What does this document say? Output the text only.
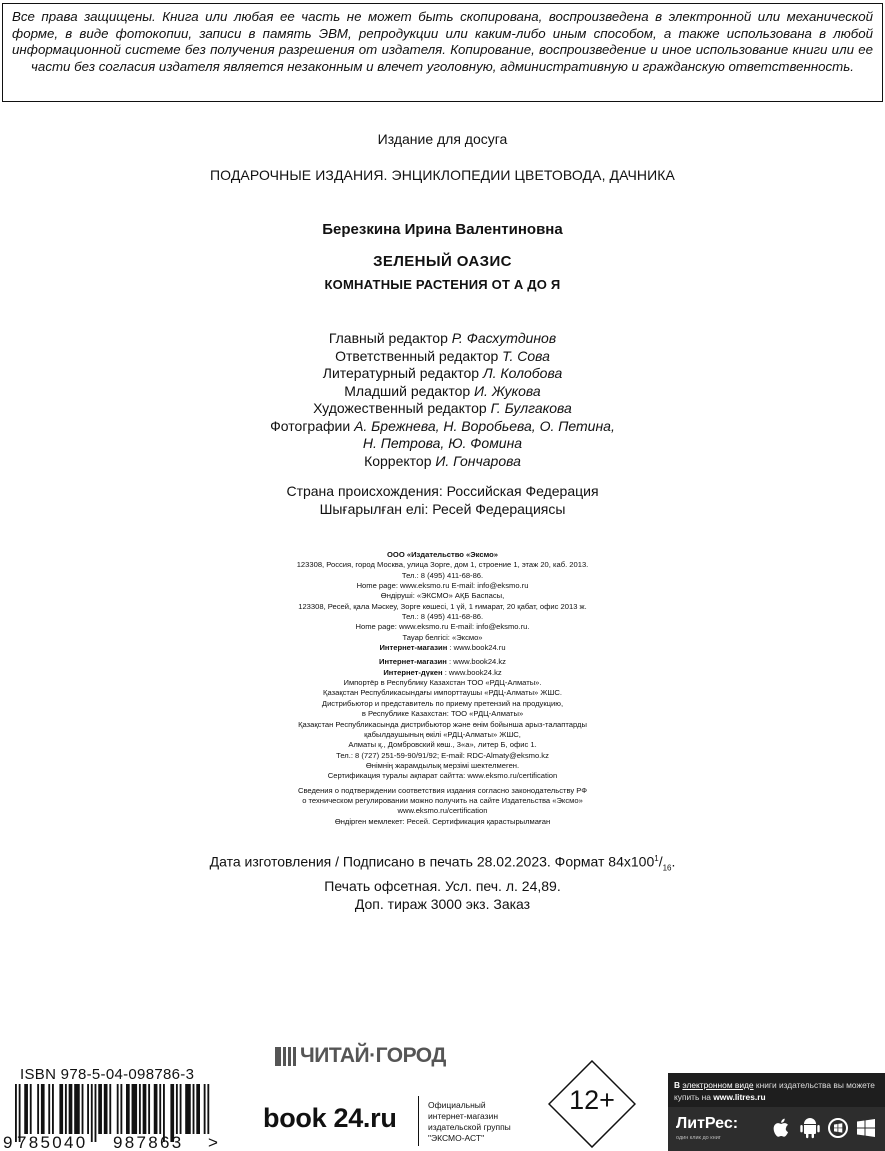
Все права защищены. Книга или любая ее часть не может быть скопирована, воспроизведена в электронной или механической форме, в виде фотокопии, записи в память ЭВМ, репродукции или каким-либо иным способом, а также использована в любой информационной системе без получения разрешения от издателя. Копирование, воспроизведение и иное использование книги или ее части без согласия издателя является незаконным и влечет уголовную, административную и гражданскую ответственность.
Издание для досуга
ПОДАРОЧНЫЕ ИЗДАНИЯ. ЭНЦИКЛОПЕДИИ ЦВЕТОВОДА, ДАЧНИКА
Березкина Ирина Валентиновна
ЗЕЛЕНЫЙ ОАЗИС
КОМНАТНЫЕ РАСТЕНИЯ ОТ А ДО Я
Главный редактор Р. Фасхутдинов
Ответственный редактор Т. Сова
Литературный редактор Л. Колобова
Младший редактор И. Жукова
Художественный редактор Г. Булгакова
Фотографии А. Брежнева, Н. Воробьева, О. Петина,
Н. Петрова, Ю. Фомина
Корректор И. Гончарова
Страна происхождения: Российская Федерация
Шығарылған елі: Ресей Федерациясы
ООО «Издательство «Эксмо»
123308, Россия, город Москва, улица Зорге, дом 1, строение 1, этаж 20, каб. 2013.
Тел.: 8 (495) 411-68-86.
Home page: www.eksmo.ru E-mail: info@eksmo.ru
Өндіруші: «ЭКСМО» АҚБ Баспасы,
123308, Ресей, қала Мәскеу, Зорге көшесі, 1 үй, 1 ғимарат, 20 қабат, офис 2013 ж.
Тел.: 8 (495) 411-68-86.
Home page: www.eksmo.ru E-mail: info@eksmo.ru.
Тауар белгісі: «Эксмо»
Интернет-магазин : www.book24.ru
Интернет-магазин : www.book24.kz
Интернет-дүкен : www.book24.kz
Импортёр в Республику Казахстан ТОО «РДЦ-Алматы».
Қазақстан Республикасындағы импорттаушы «РДЦ-Алматы» ЖШС.
Дистрибьютор и представитель по приему претензий на продукцию,
в Республике Казахстан: ТОО «РДЦ-Алматы»
Қазақстан Республикасында дистрибьютор және өнім бойынша арыз-талаптарды
қабылдаушының өкілі «РДЦ-Алматы» ЖШС,
Алматы қ., Домбровский көш., 3«а», литер Б, офис 1.
Тел.: 8 (727) 251-59-90/91/92; E-mail: RDC-Almaty@eksmo.kz
Өнімнің жарамдылық мерзімі шектелмеген.
Сертификация туралы ақпарат сайтта: www.eksmo.ru/certification
Сведения о подтверждении соответствия издания согласно законодательству РФ
о техническом регулировании можно получить на сайте Издательства «Эксмо»
www.eksmo.ru/certification
Өндірген мемлекет: Ресей. Сертификация қарастырылмаған
Дата изготовления / Подписано в печать 28.02.2023. Формат $84х100^1/_{16}$.
Печать офсетная. Усл. печ. л. 24,89.
Доп. тираж 3000 экз. Заказ
ISBN 978-5-04-098786-3
9 785040 987863 >
ЧИТАЙ·ГОРОД
book 24.ru	Официальный
интернет-магазин
издательской группы
"ЭКСМО-АСТ"
12+	В электронном виде книги издательства вы можете
купить на www.litres.ru
ЛитРес:
один клик до книг
